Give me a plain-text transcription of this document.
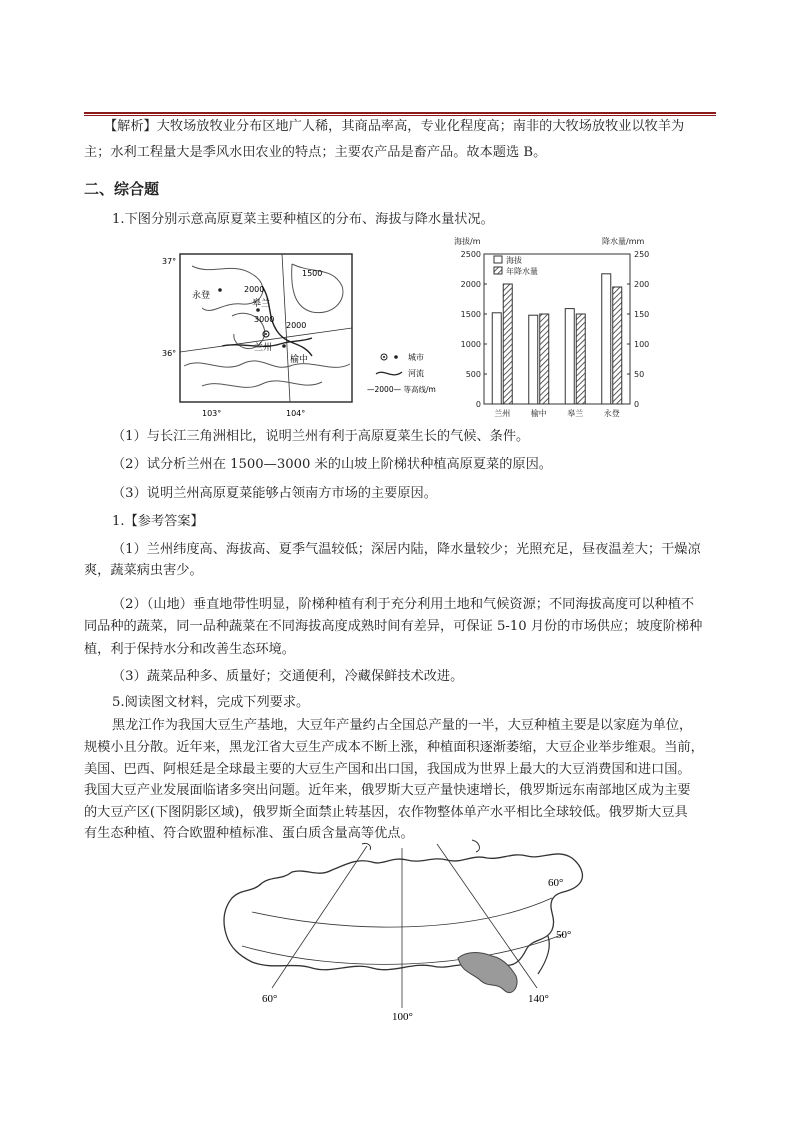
【解析】大牧场放牧业分布区地广人稀，其商品率高，专业化程度高；南非的大牧场放牧业以牧羊为
主；水利工程量大是季风水田农业的特点；主要农产品是畜产品。故本题选 B。
二、综合题
1.下图分别示意高原夏菜主要种植区的分布、海拔与降水量状况。
37°
36°
103°	104°
1500
2000
2000
3000
永登
皋兰
兰州
榆中	城市
河流
—2000— 等高线/m
海拔/m	降水量/mm
0
500
1000
1500
2000
2500
0
50
100
150
200
250
兰州	榆中	皋兰	永登
海拔
年降水量
（1）与长江三角洲相比，说明兰州有利于高原夏菜生长的气候、条件。
（2）试分析兰州在 1500—3000 米的山坡上阶梯状种植高原夏菜的原因。
（3）说明兰州高原夏菜能够占领南方市场的主要原因。
1.【参考答案】
（1）兰州纬度高、海拔高、夏季气温较低；深居内陆，降水量较少；光照充足，昼夜温差大；干燥凉
爽，蔬菜病虫害少。
（2）（山地）垂直地带性明显，阶梯种植有利于充分利用土地和气候资源；不同海拔高度可以种植不
同品种的蔬菜，同一品种蔬菜在不同海拔高度成熟时间有差异，可保证 5-10 月份的市场供应；坡度阶梯种
植，利于保持水分和改善生态环境。
（3）蔬菜品种多、质量好；交通便利，冷藏保鲜技术改进。
5.阅读图文材料，完成下列要求。
黑龙江作为我国大豆生产基地，大豆年产量约占全国总产量的一半，大豆种植主要是以家庭为单位，
规模小且分散。近年来，黑龙江省大豆生产成本不断上涨，种植面积逐渐萎缩，大豆企业举步维艰。当前，
美国、巴西、阿根廷是全球最主要的大豆生产国和出口国，我国成为世界上最大的大豆消费国和进口国。
我国大豆产业发展面临诸多突出问题。近年来，俄罗斯大豆产量快速增长，俄罗斯远东南部地区成为主要
的大豆产区(下图阴影区域)，俄罗斯全面禁止转基因，农作物整体单产水平相比全球较低。俄罗斯大豆具
有生态种植、符合欧盟种植标准、蛋白质含量高等优点。
60°
50°
60°
100°
140°
